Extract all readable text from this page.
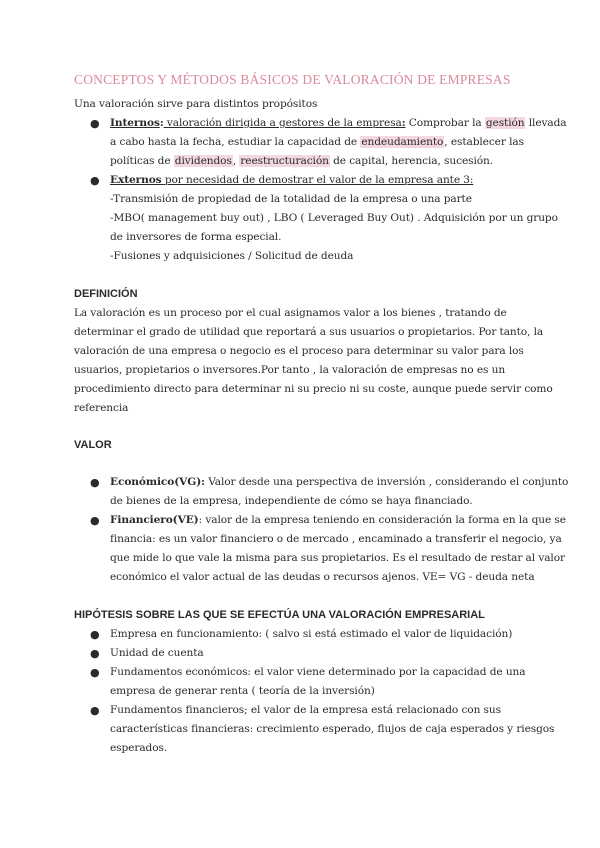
CONCEPTOS Y MÉTODOS BÁSICOS DE VALORACIÓN DE EMPRESAS
Una valoración sirve para distintos propósitos
● Internos: valoración dirigida a gestores de la empresa: Comprobar la gestión llevada
a cabo hasta la fecha, estudiar la capacidad de endeudamiento, establecer las
políticas de dividendos, reestructuración de capital, herencia, sucesión.
● Externos por necesidad de demostrar el valor de la empresa ante 3:
-Transmisión de propiedad de la totalidad de la empresa o una parte
-MBO( management buy out) , LBO ( Leveraged Buy Out) . Adquisición por un grupo
de inversores de forma especial.
-Fusiones y adquisiciones / Solicitud de deuda
DEFINICIÓN
La valoración es un proceso por el cual asignamos valor a los bienes , tratando de
determinar el grado de utilidad que reportará a sus usuarios o propietarios. Por tanto, la
valoración de una empresa o negocio es el proceso para determinar su valor para los
usuarios, propietarios o inversores.Por tanto , la valoración de empresas no es un
procedimiento directo para determinar ni su precio ni su coste, aunque puede servir como
referencia
VALOR
● Económico(VG): Valor desde una perspectiva de inversión , considerando el conjunto
de bienes de la empresa, independiente de cómo se haya financiado.
● Financiero(VE): valor de la empresa teniendo en consideración la forma en la que se
financia: es un valor financiero o de mercado , encaminado a transferir el negocio, ya
que mide lo que vale la misma para sus propietarios. Es el resultado de restar al valor
económico el valor actual de las deudas o recursos ajenos. VE= VG - deuda neta
HIPÓTESIS SOBRE LAS QUE SE EFECTÚA UNA VALORACIÓN EMPRESARIAL
● Empresa en funcionamiento: ( salvo si está estimado el valor de liquidación)
● Unidad de cuenta
● Fundamentos económicos: el valor viene determinado por la capacidad de una
empresa de generar renta ( teoría de la inversión)
● Fundamentos financieros; el valor de la empresa está relacionado con sus
características financieras: crecimiento esperado, flujos de caja esperados y riesgos
esperados.
